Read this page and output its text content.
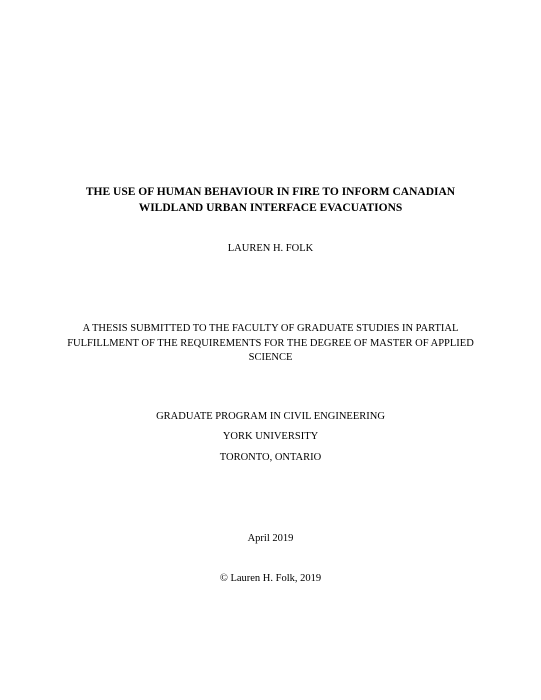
THE USE OF HUMAN BEHAVIOUR IN FIRE TO INFORM CANADIAN
WILDLAND URBAN INTERFACE EVACUATIONS
LAUREN H. FOLK
A THESIS SUBMITTED TO THE FACULTY OF GRADUATE STUDIES IN PARTIAL
FULFILLMENT OF THE REQUIREMENTS FOR THE DEGREE OF MASTER OF APPLIED
SCIENCE
GRADUATE PROGRAM IN CIVIL ENGINEERING
YORK UNIVERSITY
TORONTO, ONTARIO
April 2019
© Lauren H. Folk, 2019
